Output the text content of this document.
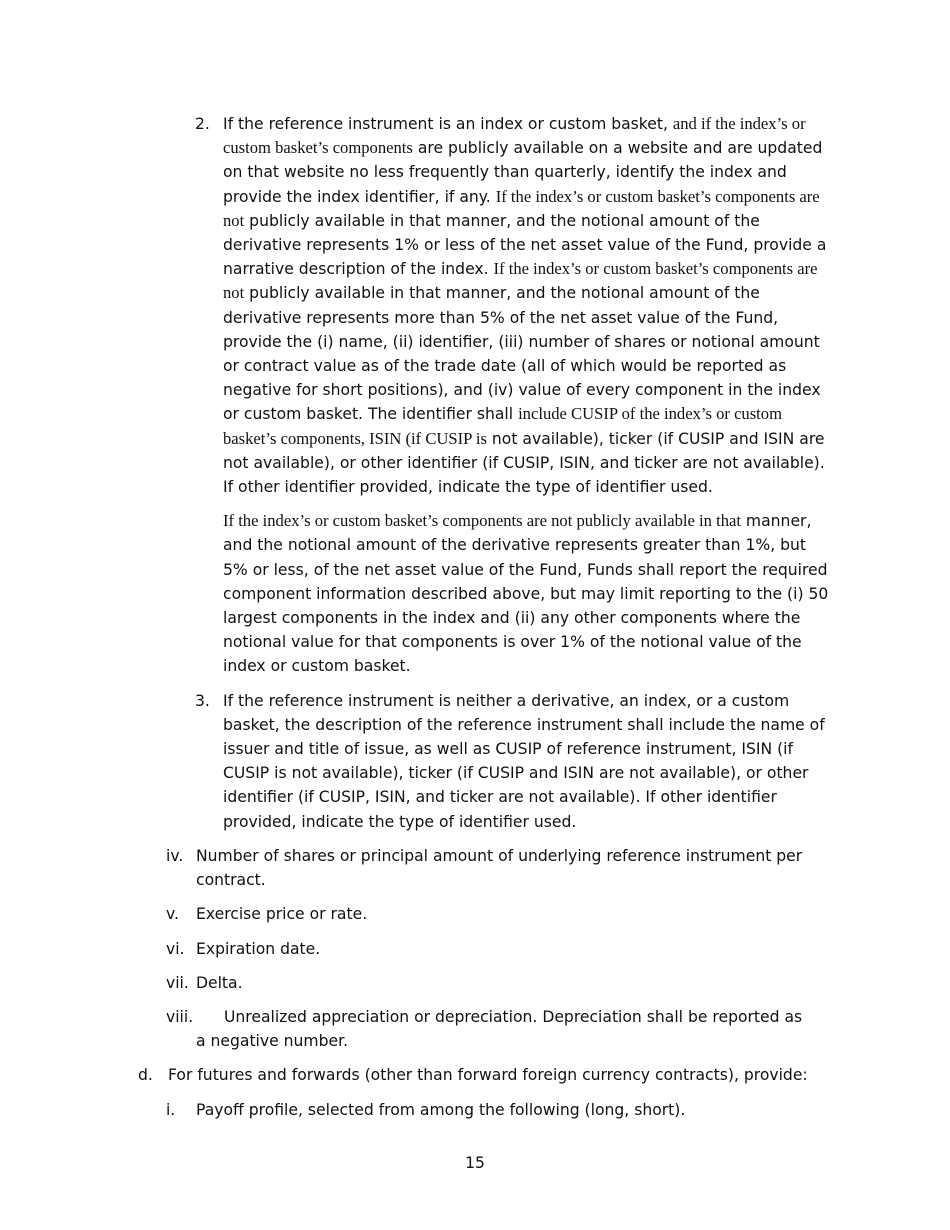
2. If the reference instrument is an index or custom basket, and if the index’s or custom basket’s components are publicly available on a website and are updated on that website no less frequently than quarterly, identify the index and provide the index identifier, if any. If the index’s or custom basket’s components are not publicly available in that manner, and the notional amount of the derivative represents 1% or less of the net asset value of the Fund, provide a narrative description of the index. If the index’s or custom basket’s components are not publicly available in that manner, and the notional amount of the derivative represents more than 5% of the net asset value of the Fund, provide the (i) name, (ii) identifier, (iii) number of shares or notional amount or contract value as of the trade date (all of which would be reported as negative for short positions), and (iv) value of every component in the index or custom basket. The identifier shall include CUSIP of the index’s or custom basket’s components, ISIN (if CUSIP is not available), ticker (if CUSIP and ISIN are not available), or other identifier (if CUSIP, ISIN, and ticker are not available). If other identifier provided, indicate the type of identifier used.
If the index’s or custom basket’s components are not publicly available in that manner, and the notional amount of the derivative represents greater than 1%, but 5% or less, of the net asset value of the Fund, Funds shall report the required component information described above, but may limit reporting to the (i) 50 largest components in the index and (ii) any other components where the notional value for that components is over 1% of the notional value of the index or custom basket.
3. If the reference instrument is neither a derivative, an index, or a custom basket, the description of the reference instrument shall include the name of issuer and title of issue, as well as CUSIP of reference instrument, ISIN (if CUSIP is not available), ticker (if CUSIP and ISIN are not available), or other identifier (if CUSIP, ISIN, and ticker are not available). If other identifier provided, indicate the type of identifier used.
iv. Number of shares or principal amount of underlying reference instrument per contract.
v. Exercise price or rate.
vi. Expiration date.
vii. Delta.
viii.	Unrealized appreciation or depreciation. Depreciation shall be reported as a negative number.
d. For futures and forwards (other than forward foreign currency contracts), provide:
i. Payoff profile, selected from among the following (long, short).
15
